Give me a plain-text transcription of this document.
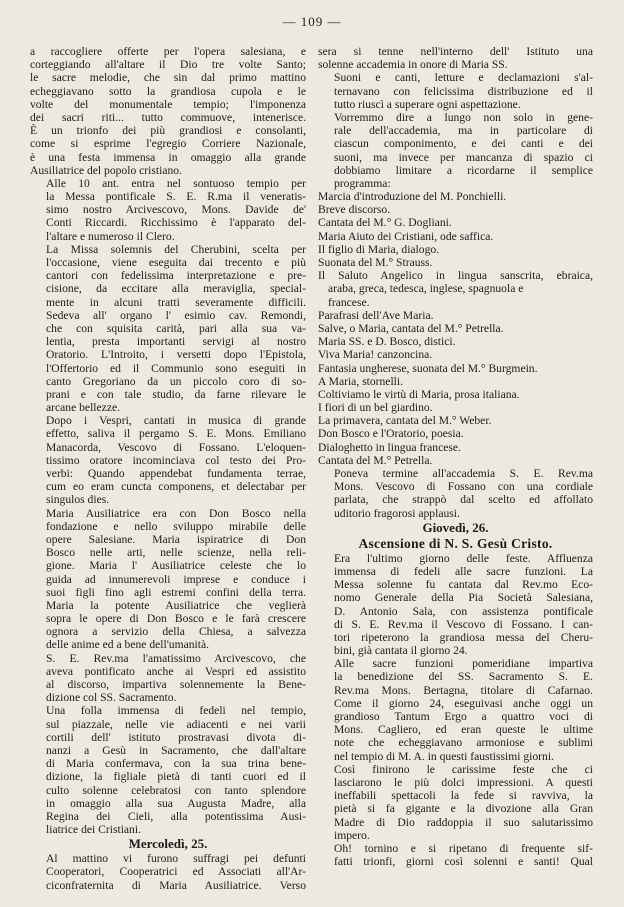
— 109 —

a raccogliere offerte per l'opera salesiana, e
corteggiando all'altare il Dio tre volte Santo;
le sacre melodie, che sin dal primo mattino
echeggiavano sotto la grandiosa cupola e le
volte del monumentale tempio; l'imponenza
dei sacri riti... tutto commuove, intenerisce.
È un trionfo dei più grandiosi e consolanti,
come si esprime l'egregio Corriere Nazionale,
è una festa immensa in omaggio alla grande
Ausiliatrice del popolo cristiano.

Alle 10 ant. entra nel sontuoso tempio per
la Messa pontificale S. E. R.ma il veneratis-
simo nostro Arcivescovo, Mons. Davide de'
Conti Riccardi. Ricchissimo è l'apparato del-
l'altare e numeroso il Clero.

La Missa solemnis del Cherubini, scelta per
l'occasione, viene eseguita dai trecento e più
cantori con fedelissima interpretazione e pre-
cisione, da eccitare alla meraviglia, special-
mente in alcuni tratti severamente difficili.
Sedeva all' organo l' esimio cav. Remondi,
che con squisita carità, pari alla sua va-
lentia, presta importanti servigi al nostro
Oratorio. L'Introito, i versetti dopo l'Epistola,
l'Offertorio ed il Communio sono eseguiti in
canto Gregoriano da un piccolo coro di so-
prani e con tale studio, da farne rilevare le
arcane bellezze.

Dopo i Vespri, cantati in musica di grande
effetto, saliva il pergamo S. E. Mons. Emiliano
Manacorda, Vescovo di Fossano. L'eloquen-
tissimo oratore incominciava col testo dei Pro-
verbi: Quando appendebat fundamenta terrae,
cum eo eram cuncta componens, et delectabar per
singulos dies.

Maria Ausiliatrice era con Don Bosco nella
fondazione e nello sviluppo mirabile delle
opere Salesiane. Maria ispiratrice di Don
Bosco nelle arti, nelle scienze, nella reli-
gione. Maria l' Ausiliatrice celeste che lo
guida ad innumerevoli imprese e conduce i
suoi figli fino agli estremi confini della terra.
Maria la potente Ausiliatrice che veglierà
sopra le opere di Don Bosco e le farà crescere
ognora a servizio della Chiesa, a salvezza
delle anime ed a bene dell'umanità.

S. E. Rev.ma l'amatissimo Arcivescovo, che
aveva pontificato anche ai Vespri ed assistito
al discorso, impartiva solennemente la Bene-
dizione col SS. Sacramento.

Una folla immensa di fedeli nel tempio,
sul piazzale, nelle vie adiacenti e nei varii
cortili dell' istituto prostravasi divota di-
nanzi a Gesù in Sacramento, che dall'altare
di Maria confermava, con la sua trina bene-
dizione, la figliale pietà di tanti cuori ed il
culto solenne celebratosi con tanto splendore
in omaggio alla sua Augusta Madre, alla
Regina dei Cieli, alla potentissima Ausi-
liatrice dei Cristiani.

Mercoledì, 25.

Al mattino vi furono suffragi pei defunti
Cooperatori, Cooperatrici ed Associati all'Ar-
ciconfraternita di Maria Ausiliatrice. Verso

sera si tenne nell'interno dell' Istituto una
solenne accademia in onore di Maria SS.

Suoni e canti, letture e declamazioni s'al-
ternavano con felicissima distribuzione ed il
tutto riuscì a superare ogni aspettazione.

Vorremmo dire a lungo non solo in gene-
rale dell'accademia, ma in particolare di
ciascun componimento, e dei canti e dei
suoni, ma invece per mancanza di spazio ci
dobbiamo limitare a ricordarne il semplice
programma:

Marcia d'introduzione del M. Ponchielli.
Breve discorso.
Cantata del M.° G. Dogliani.
Maria Aiuto dei Cristiani, ode saffica.
Il figlio di Maria, dialogo.
Suonata del M.° Strauss.
Il Saluto Angelico in lingua sanscrita, ebraica,
araba, greca, tedesca, inglese, spagnuola e
francese.
Parafrasi dell'Ave Maria.
Salve, o Maria, cantata del M.° Petrella.
Maria SS. e D. Bosco, distici.
Viva Maria! canzoncina.
Fantasia ungherese, suonata del M.° Burgmein.
A Maria, stornelli.
Coltiviamo le virtù di Maria, prosa italiana.
I fiori di un bel giardino.
La primavera, cantata del M.° Weber.
Don Bosco e l'Oratorio, poesia.
Dialoghetto in lingua francese.
Cantata del M.° Petrella.

Poneva termine all'accademia S. E. Rev.ma
Mons. Vescovo di Fossano con una cordiale
parlata, che strappò dal scelto ed affollato
uditorio fragorosi applausi.

Giovedì, 26.

Ascensione di N. S. Gesù Cristo.

Era l'ultimo giorno delle feste. Affluenza
immensa di fedeli alle sacre funzioni. La
Messa solenne fu cantata dal Rev.mo Eco-
nomo Generale della Pia Società Salesiana,
D. Antonio Sala, con assistenza pontificale
di S. E. Rev.ma il Vescovo di Fossano. I can-
tori ripeterono la grandiosa messa del Cheru-
bini, già cantata il giorno 24.

Alle sacre funzioni pomeridiane impartiva
la benedizione del SS. Sacramento S. E.
Rev.ma Mons. Bertagna, titolare di Cafarnao.
Come il giorno 24, eseguivasi anche oggi un
grandioso Tantum Ergo a quattro voci di
Mons. Cagliero, ed eran queste le ultime
note che echeggiavano armoniose e sublimi
nel tempio di M. A. in questi faustissimi giorni.

Così finirono le carissime feste che ci
lasciarono le più dolci impressioni. A questi
ineffabili spettacoli la fede si ravviva, la
pietà si fa gigante e la divozione alla Gran
Madre di Dio raddoppia il suo salutarissimo
impero.

Oh! tornino e si ripetano di frequente sif-
fatti trionfi, giorni così solenni e santi! Qual
